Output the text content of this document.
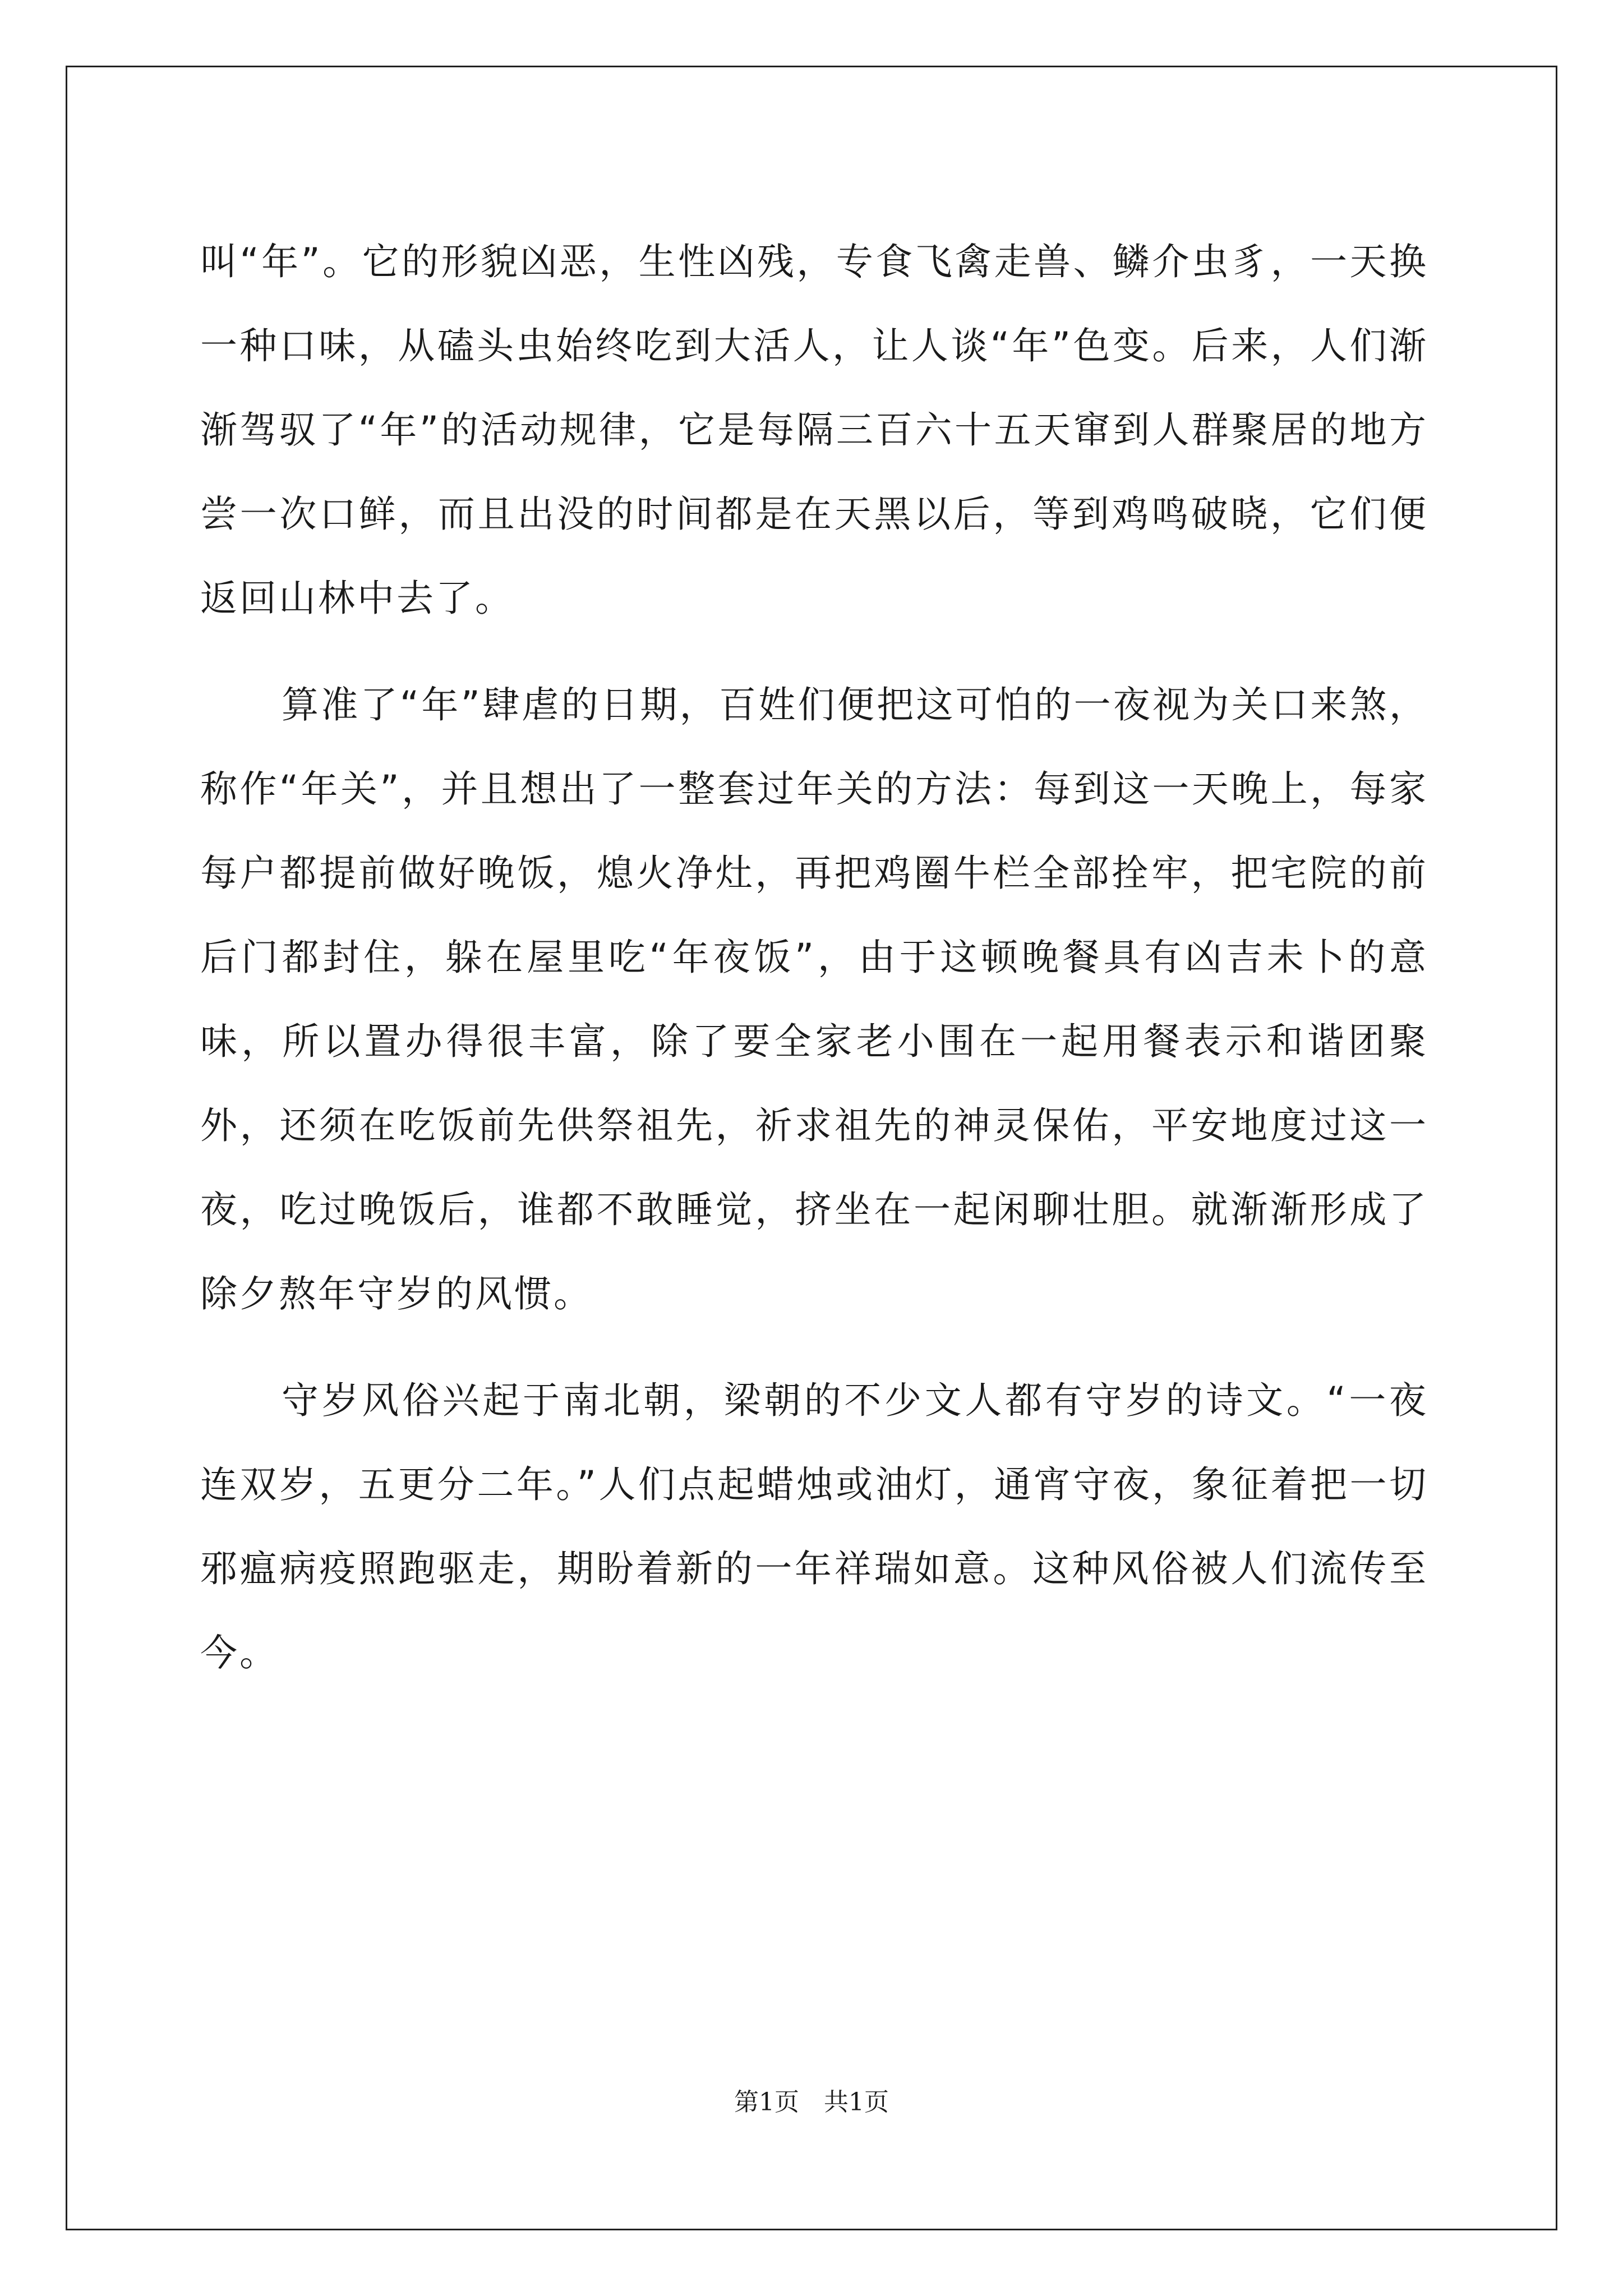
叫“年”。它的形貌凶恶，生性凶残，专食飞禽走兽、鳞介虫豸，一天换一种口味，从磕头虫始终吃到大活人，让人谈“年”色变。后来，人们渐渐驾驭了“年”的活动规律，它是每隔三百六十五天窜到人群聚居的地方尝一次口鲜，而且出没的时间都是在天黑以后，等到鸡鸣破晓，它们便返回山林中去了。

算准了“年”肆虐的日期，百姓们便把这可怕的一夜视为关口来煞，称作“年关”，并且想出了一整套过年关的方法：每到这一天晚上，每家每户都提前做好晚饭，熄火净灶，再把鸡圈牛栏全部拴牢，把宅院的前后门都封住，躲在屋里吃“年夜饭”，由于这顿晚餐具有凶吉未卜的意味，所以置办得很丰富，除了要全家老小围在一起用餐表示和谐团聚外，还须在吃饭前先供祭祖先，祈求祖先的神灵保佑，平安地度过这一夜，吃过晚饭后，谁都不敢睡觉，挤坐在一起闲聊壮胆。就渐渐形成了除夕熬年守岁的风惯。

守岁风俗兴起于南北朝，梁朝的不少文人都有守岁的诗文。“一夜连双岁，五更分二年。”人们点起蜡烛或油灯，通宵守夜，象征着把一切邪瘟病疫照跑驱走，期盼着新的一年祥瑞如意。这种风俗被人们流传至今。

第1页　共1页
